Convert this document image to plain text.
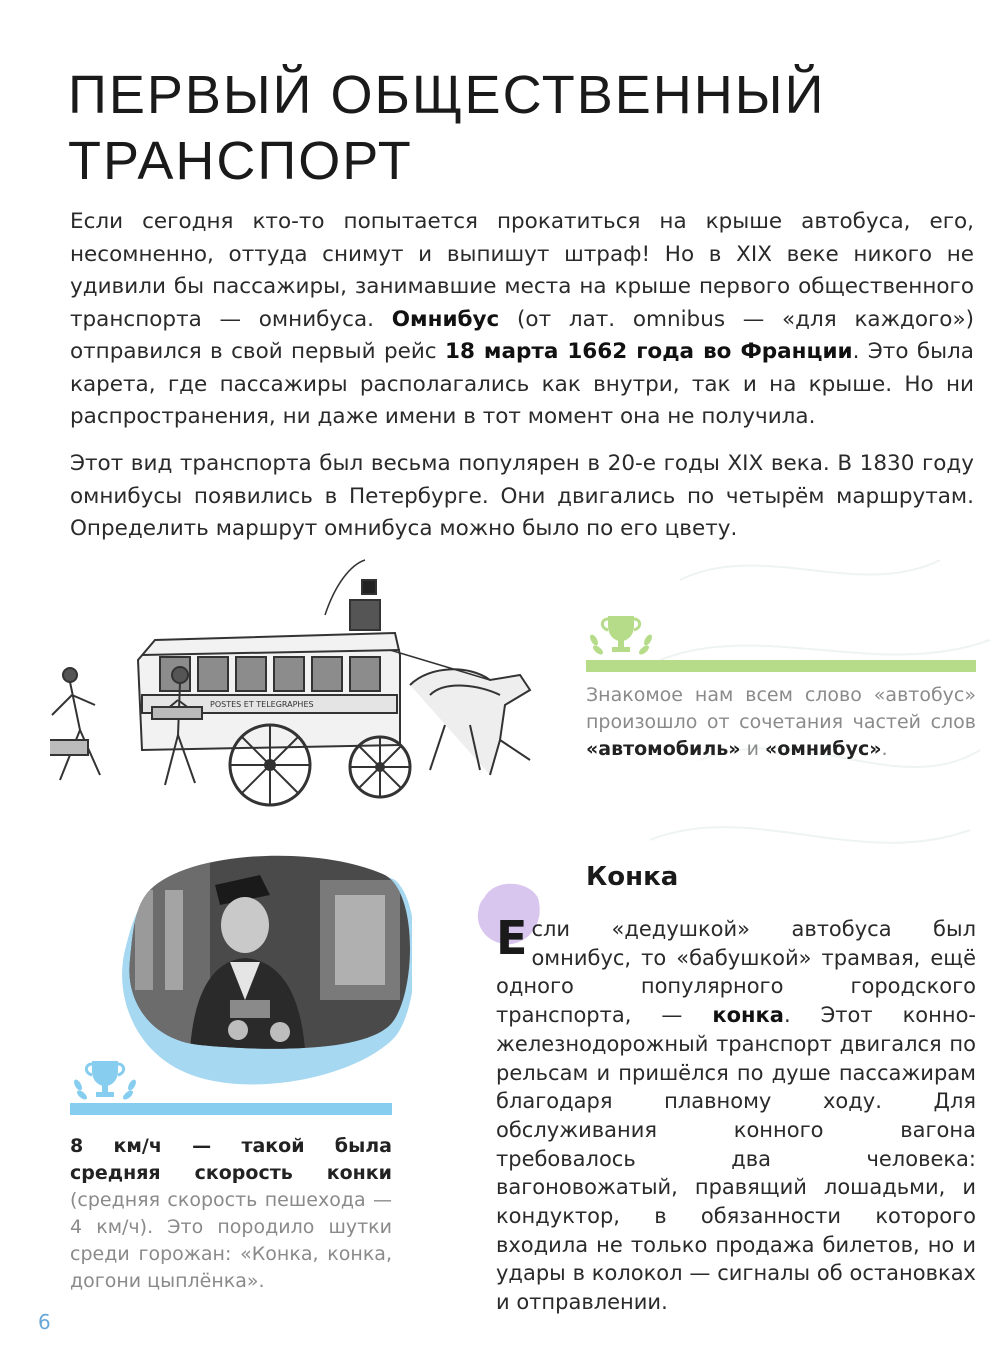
ПЕРВЫЙ ОБЩЕСТВЕННЫЙ
ТРАНСПОРТ
Если сегодня кто-то попытается прокатиться на крыше автобуса, его, несомненно, оттуда снимут и выпишут штраф! Но в XIX веке никого не удивили бы пассажиры, занимавшие места на крыше первого общественного транспорта — омнибуса. Омнибус (от лат. omnibus — «для каждого») отправился в свой первый рейс 18 марта 1662 года во Франции. Это была карета, где пассажиры располагались как внутри, так и на крыше. Но ни распространения, ни даже имени в тот момент она не получила.
Этот вид транспорта был весьма популярен в 20-е годы XIX века. В 1830 году омнибусы появились в Петербурге. Они двигались по четырём маршрутам. Определить маршрут омнибуса можно было по его цвету.
Знакомое нам всем слово «автобус» произошло от сочетания частей слов «автомобиль» и «омнибус».
POSTES ET TELEGRAPHES
8 км/ч — такой была средняя скорость конки (средняя скорость пешехода — 4 км/ч). Это породило шутки среди горожан: «Конка, конка, догони цыплёнка».
Конка
Если «дедушкой» автобуса был омнибус, то «бабушкой» трамвая, ещё одного популярного городского транспорта, — конка. Этот конно-железнодорожный транспорт двигался по рельсам и пришёлся по душе пассажирам благодаря плавному ходу. Для обслуживания конного вагона требовалось два человека: вагоновожатый, правящий лошадьми, и кондуктор, в обязанности которого входила не только продажа билетов, но и удары в колокол — сигналы об остановках и отправлении.
6
